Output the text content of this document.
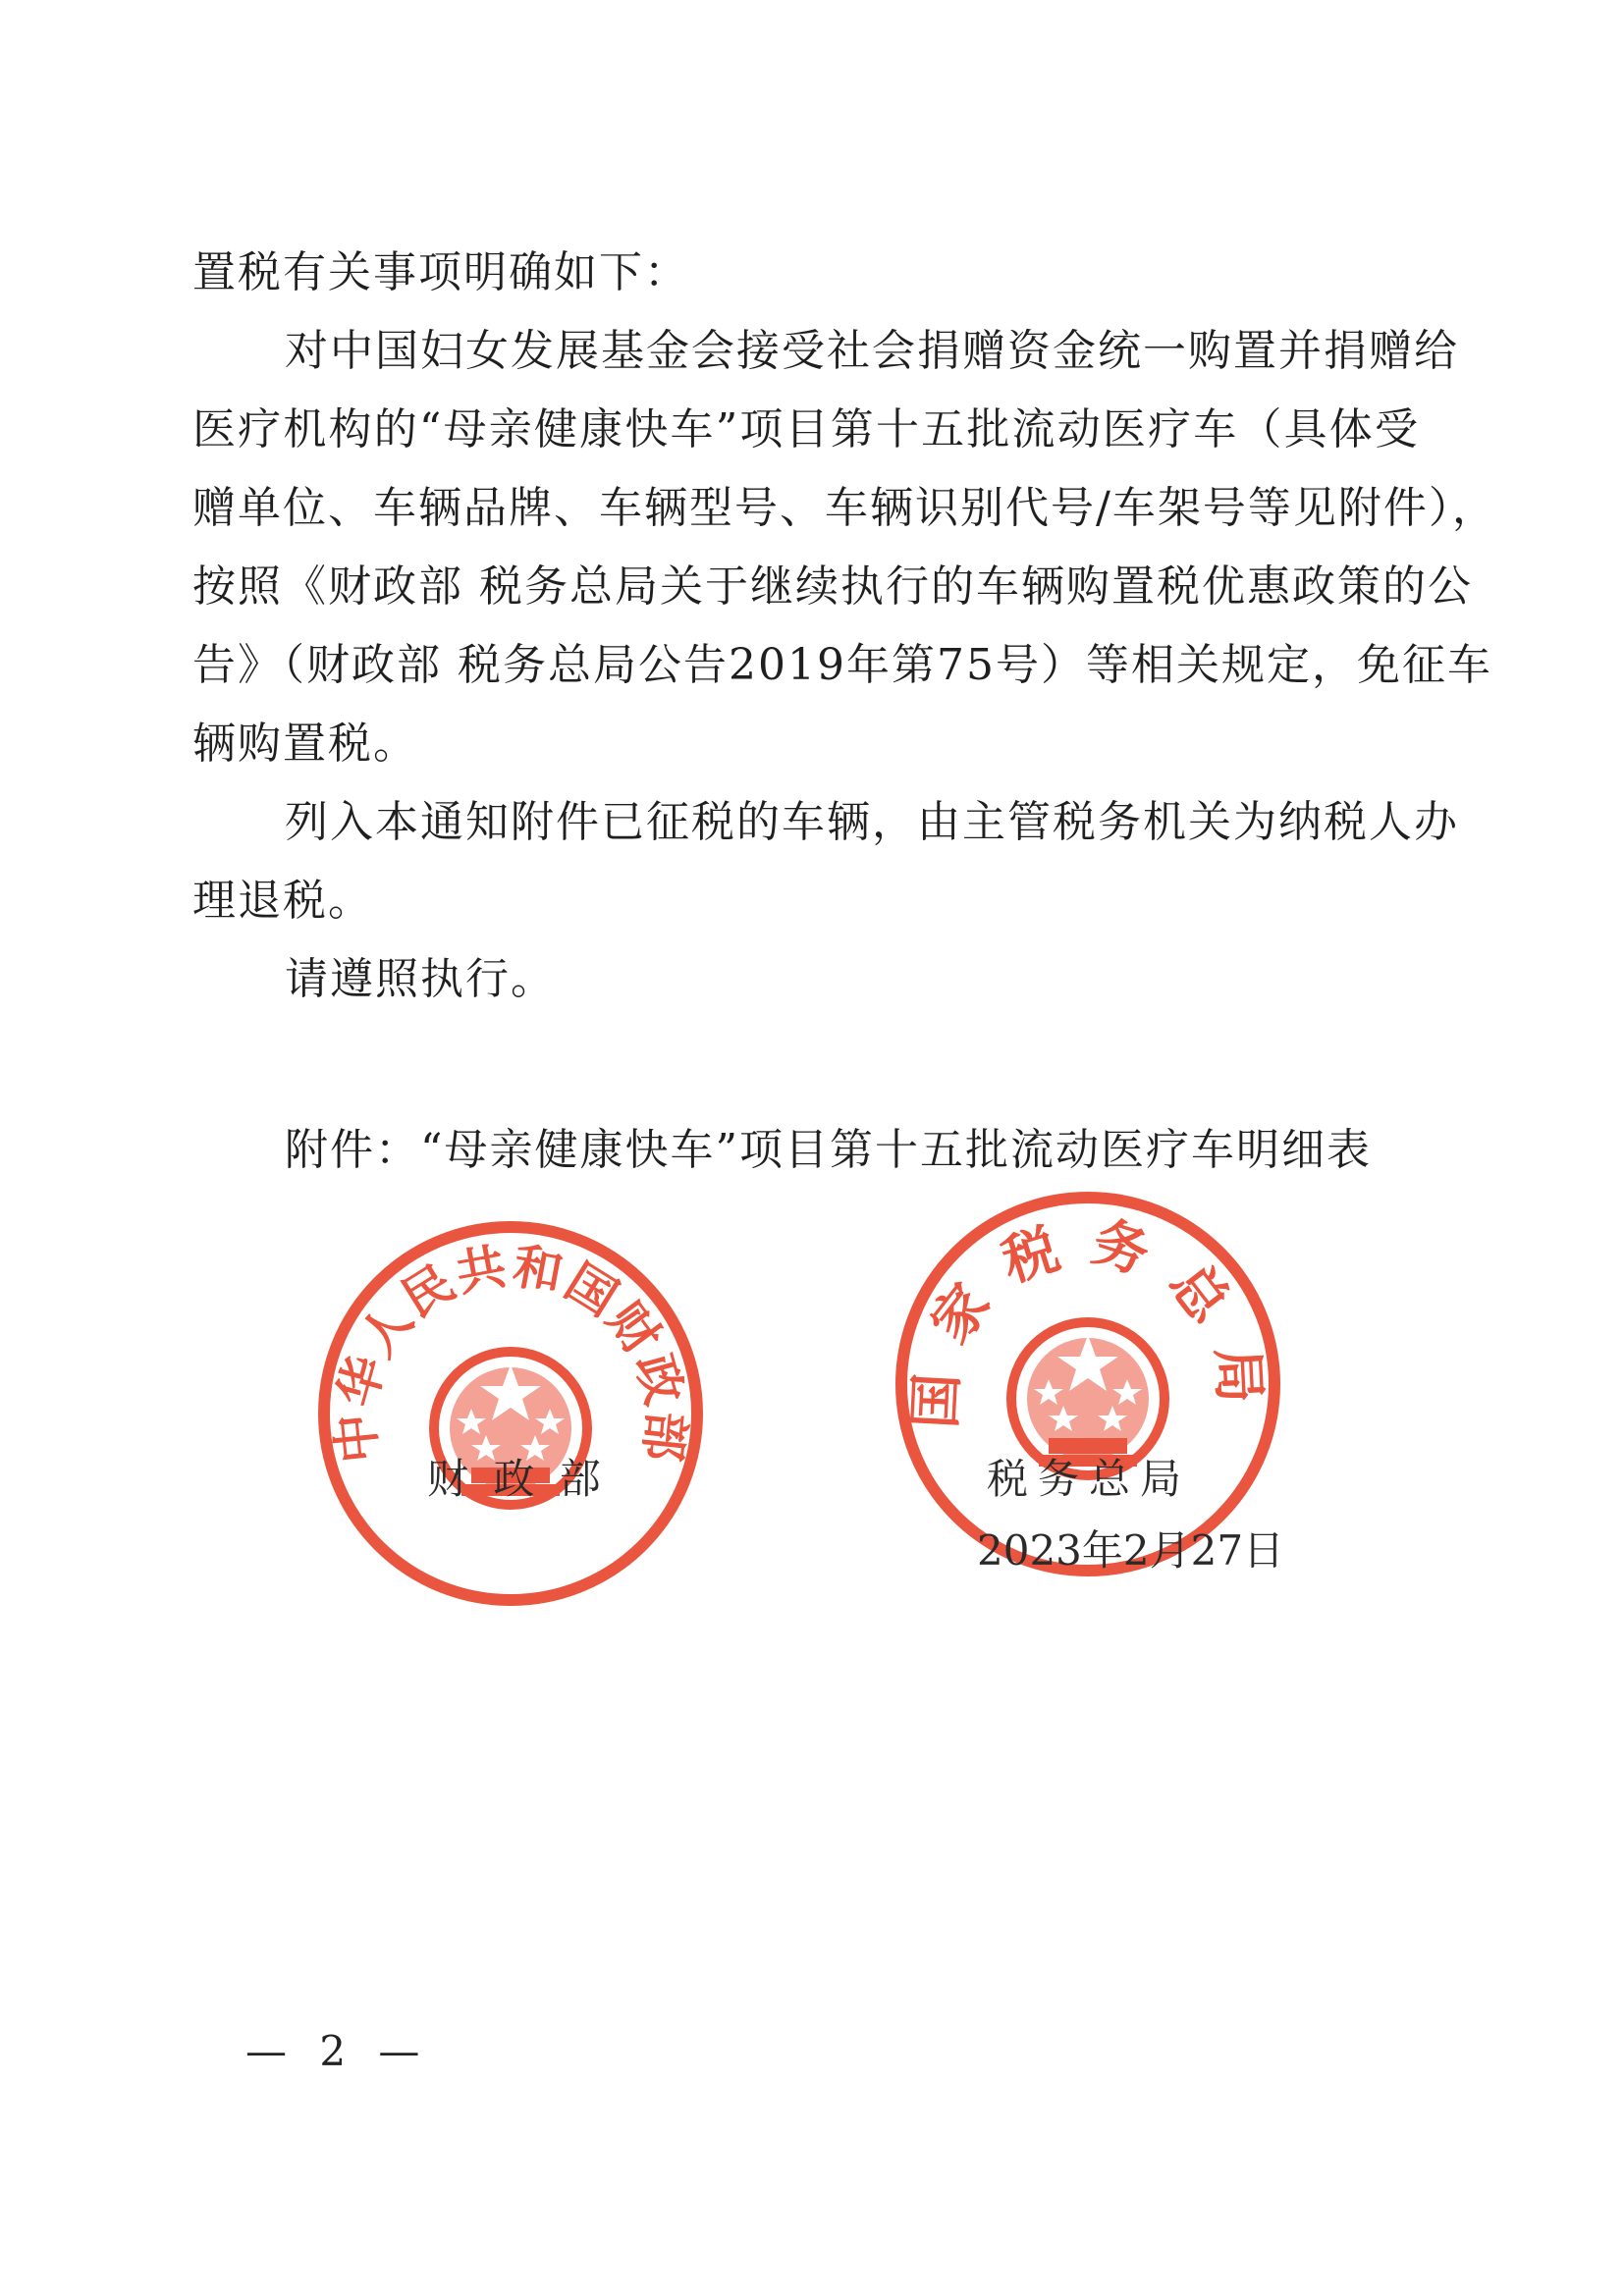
置税有关事项明确如下：
对中国妇女发展基金会接受社会捐赠资金统一购置并捐赠给
医疗机构的“母亲健康快车”项目第十五批流动医疗车（具体受
赠单位、车辆品牌、车辆型号、车辆识别代号/车架号等见附件），
按照《财政部 税务总局关于继续执行的车辆购置税优惠政策的公
告》（财政部 税务总局公告2019年第75号）等相关规定，免征车
辆购置税。
列入本通知附件已征税的车辆，由主管税务机关为纳税人办
理退税。
请遵照执行。
附件：“母亲健康快车”项目第十五批流动医疗车明细表
中华人民共和国财政部
国家税务总局
财 政 部	税务总局
2023年2月27日
— 2 —
